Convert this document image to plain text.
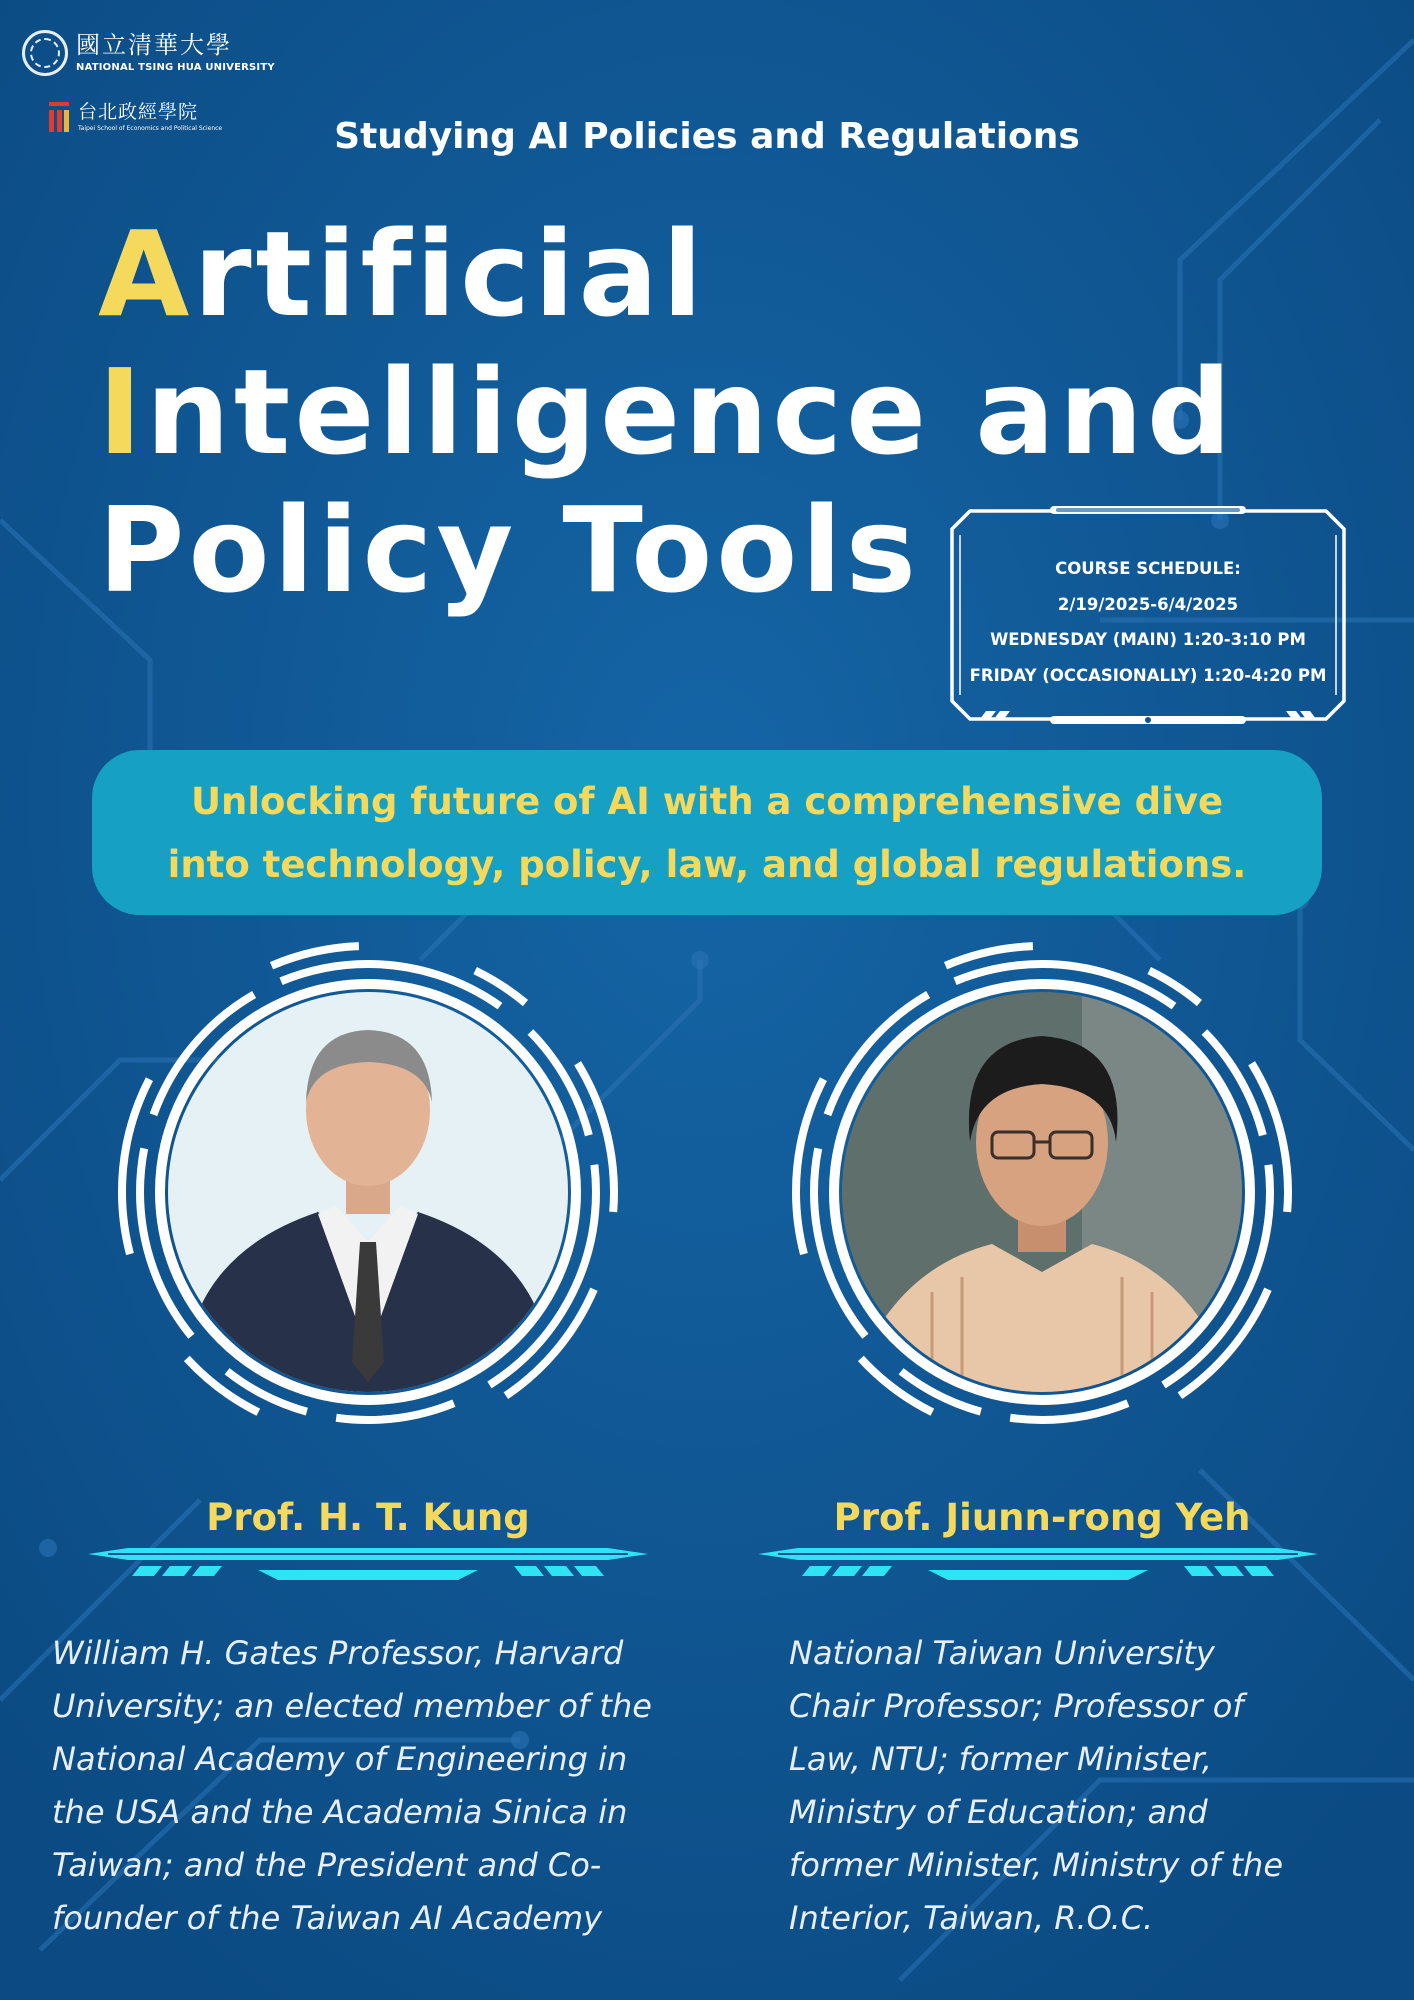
國立清華大學
NATIONAL TSING HUA UNIVERSITY
台北政經學院
Taipei School of Economics and Political Science	Studying AI Policies and Regulations
Artificial
Intelligence and
Policy Tools	COURSE SCHEDULE:
2/19/2025-6/4/2025
WEDNESDAY (MAIN) 1:20-3:10 PM
FRIDAY (OCCASIONALLY) 1:20-4:20 PM
Unlocking future of AI with a comprehensive dive
into technology, policy, law, and global regulations.
Prof. H. T. Kung	Prof. Jiunn-rong Yeh
William H. Gates Professor, Harvard
University; an elected member of the
National Academy of Engineering in
the USA and the Academia Sinica in
Taiwan; and the President and Co-
founder of the Taiwan AI Academy
National Taiwan University
Chair Professor; Professor of
Law, NTU; former Minister,
Ministry of Education; and
former Minister, Ministry of the
Interior, Taiwan, R.O.C.
